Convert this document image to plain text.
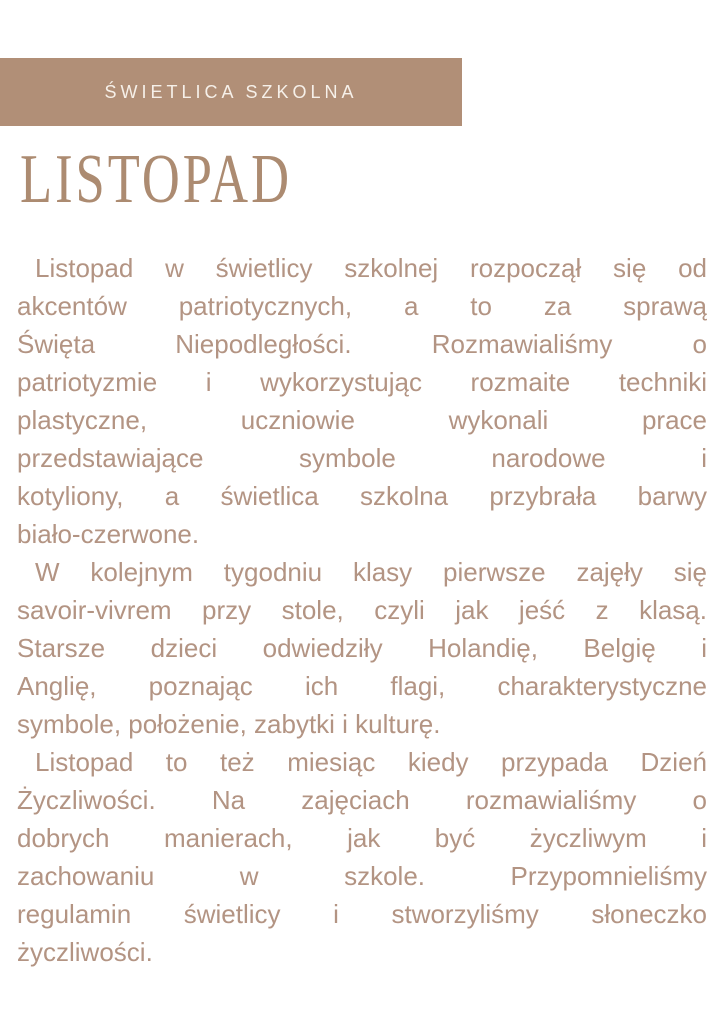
ŚWIETLICA SZKOLNA
LISTOPAD
Listopad w świetlicy szkolnej rozpoczął się od
akcentów patriotycznych, a to za sprawą
Święta Niepodległości. Rozmawialiśmy o
patriotyzmie i wykorzystując rozmaite techniki
plastyczne, uczniowie wykonali prace
przedstawiające symbole narodowe i
kotyliony, a świetlica szkolna przybrała barwy
biało-czerwone.
W kolejnym tygodniu klasy pierwsze zajęły się
savoir-vivrem przy stole, czyli jak jeść z klasą.
Starsze dzieci odwiedziły Holandię, Belgię i
Anglię, poznając ich flagi, charakterystyczne
symbole, położenie, zabytki i kulturę.
Listopad to też miesiąc kiedy przypada Dzień
Życzliwości. Na zajęciach rozmawialiśmy o
dobrych manierach, jak być życzliwym i
zachowaniu w szkole. Przypomnieliśmy
regulamin świetlicy i stworzyliśmy słoneczko
życzliwości.
